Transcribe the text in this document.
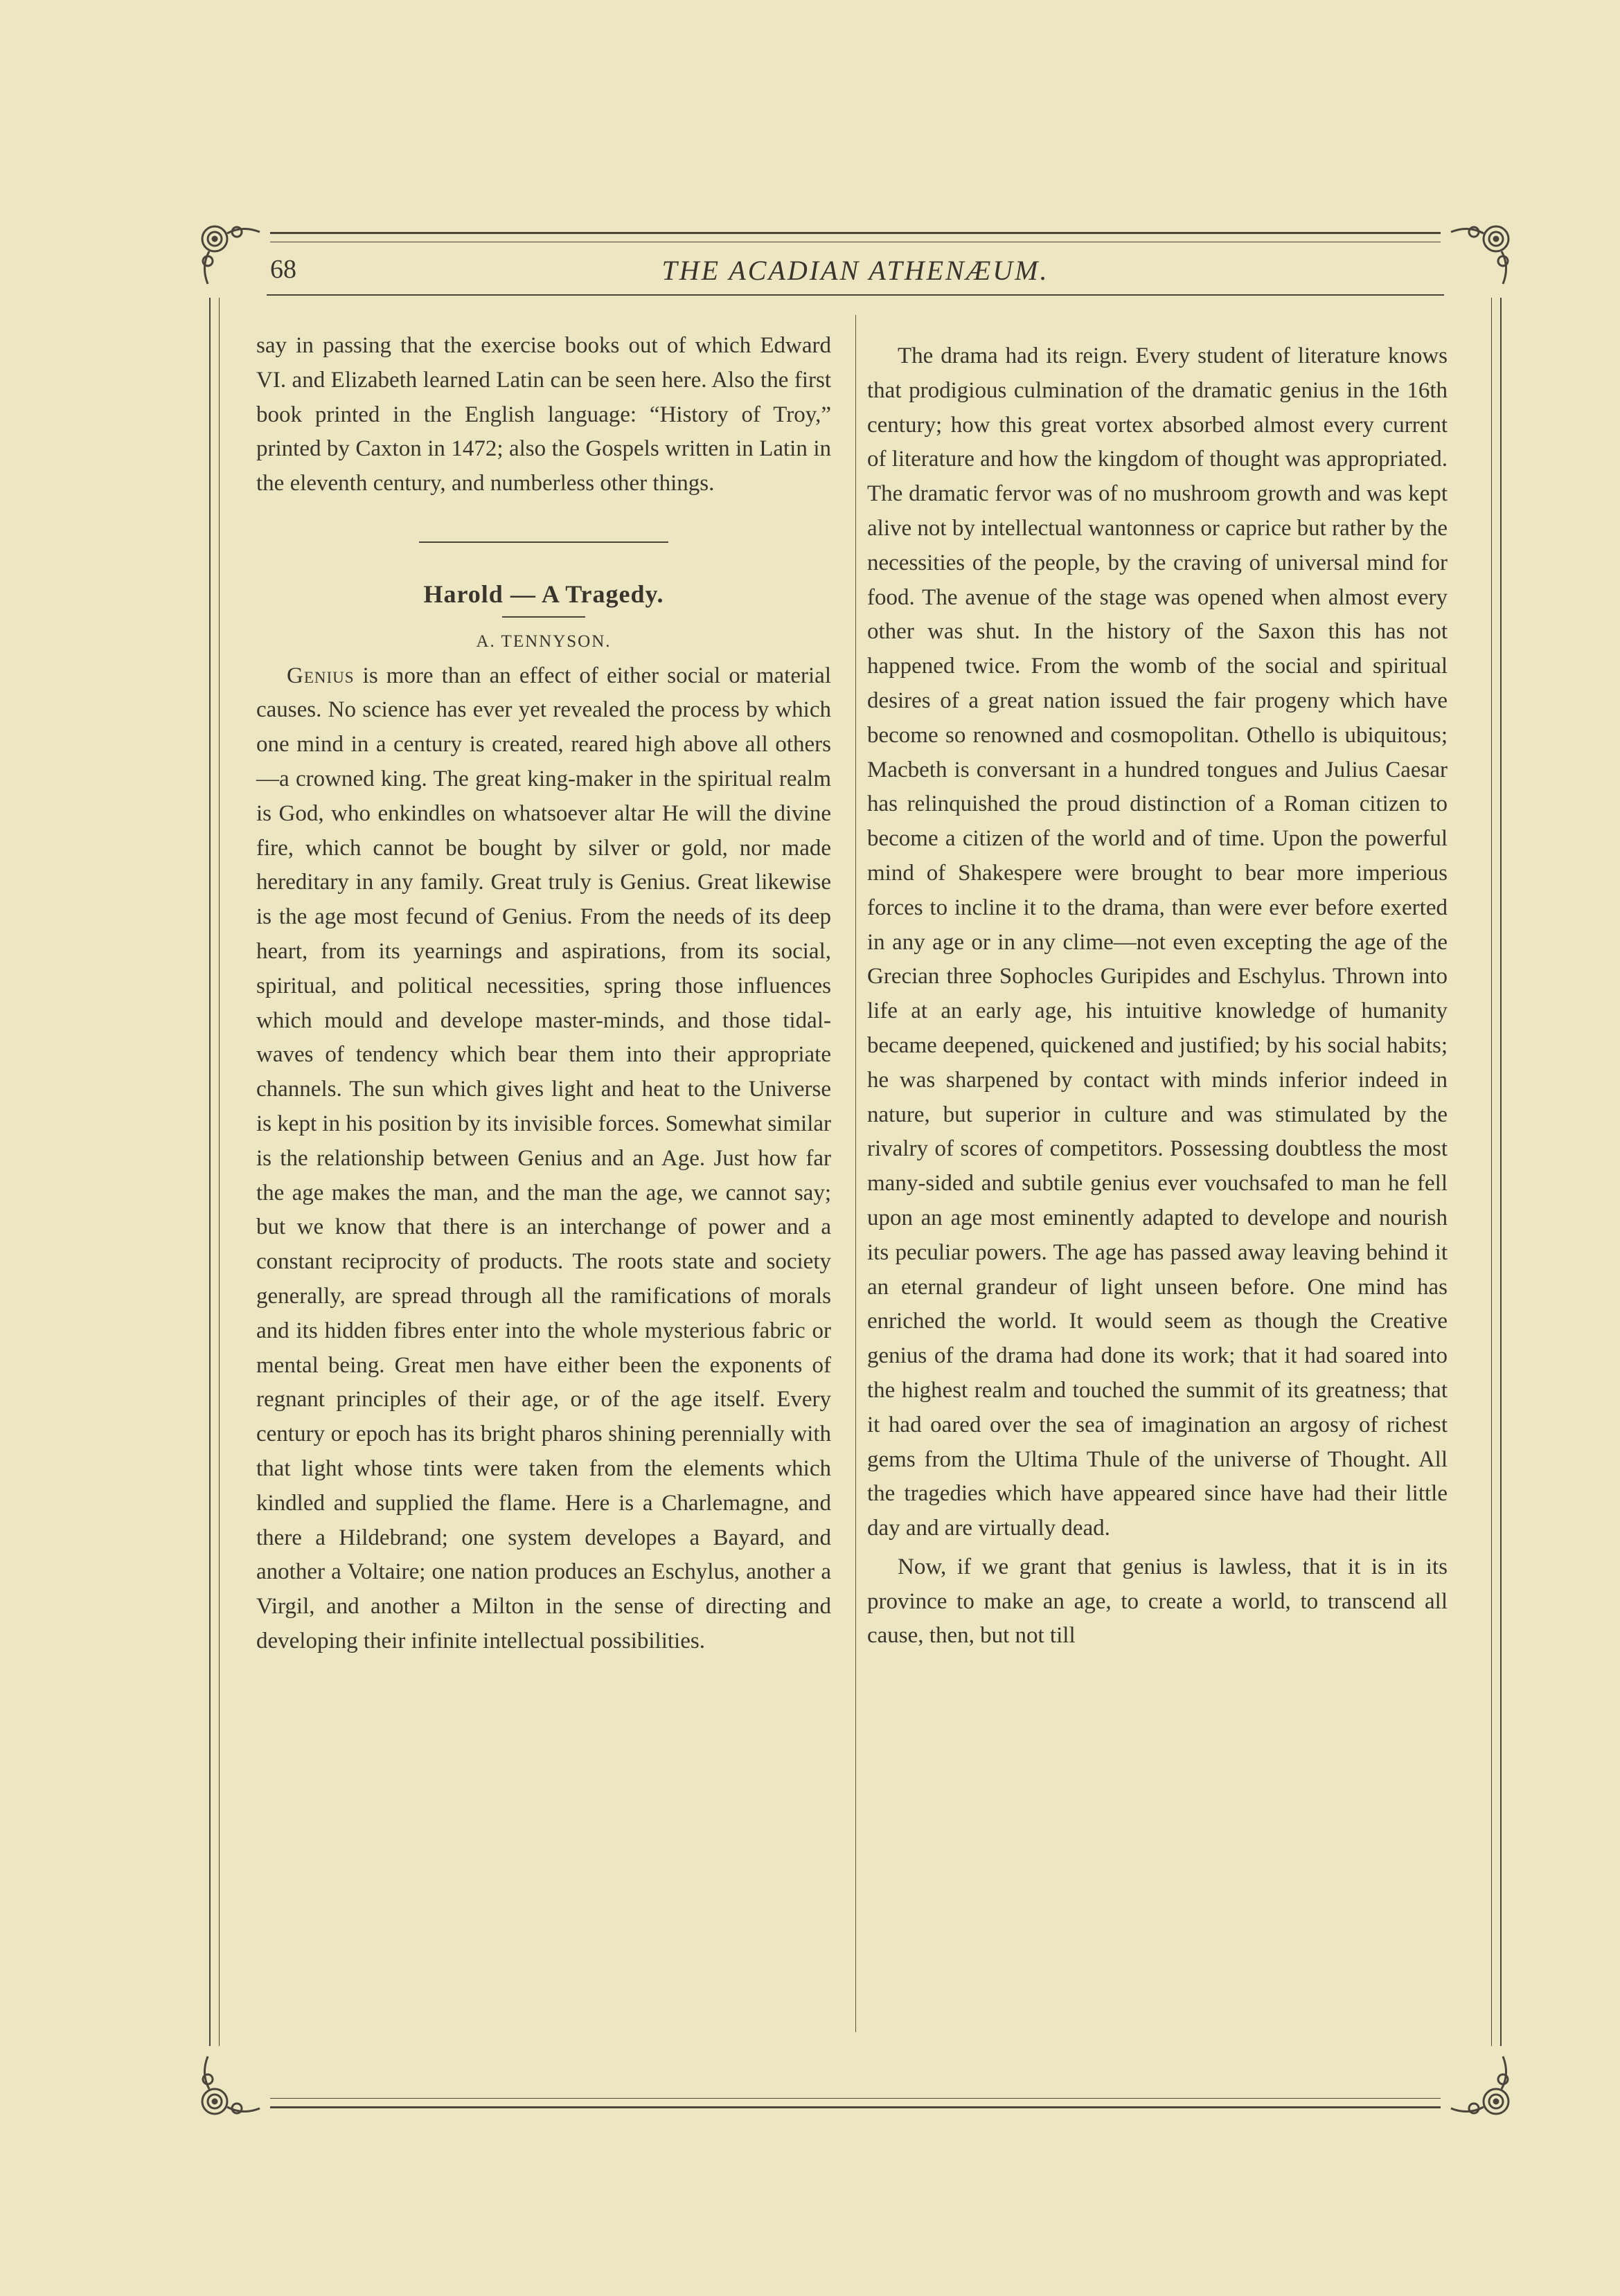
68	THE ACADIAN ATHENÆUM.

say in passing that the exercise books out of which Edward VI. and Elizabeth learned Latin can be seen here. Also the first book printed in the English language: “History of Troy,” printed by Caxton in 1472; also the Gospels written in Latin in the eleventh century, and numberless other things.

Harold — A Tragedy.

A. TENNYSON.

Genius is more than an effect of either social or material causes. No science has ever yet revealed the process by which one mind in a century is created, reared high above all others —a crowned king. The great king-maker in the spiritual realm is God, who enkindles on whatsoever altar He will the divine fire, which cannot be bought by silver or gold, nor made hereditary in any family. Great truly is Genius. Great likewise is the age most fecund of Genius. From the needs of its deep heart, from its yearnings and aspirations, from its social, spiritual, and political necessities, spring those influences which mould and develope master-minds, and those tidal-waves of tendency which bear them into their appropriate channels. The sun which gives light and heat to the Universe is kept in his position by its invisible forces. Somewhat similar is the relationship between Genius and an Age. Just how far the age makes the man, and the man the age, we cannot say; but we know that there is an interchange of power and a constant reciprocity of products. The roots state and society generally, are spread through all the ramifications of morals and its hidden fibres enter into the whole mysterious fabric or mental being. Great men have either been the exponents of regnant principles of their age, or of the age itself. Every century or epoch has its bright pharos shining perennially with that light whose tints were taken from the elements which kindled and supplied the flame. Here is a Charlemagne, and there a Hildebrand; one system developes a Bayard, and another a Voltaire; one nation produces an Eschylus, another a Virgil, and another a Milton in the sense of directing and developing their infinite intellectual possibilities.

The drama had its reign. Every student of literature knows that prodigious culmination of the dramatic genius in the 16th century; how this great vortex absorbed almost every current of literature and how the kingdom of thought was appropriated. The dramatic fervor was of no mushroom growth and was kept alive not by intellectual wantonness or caprice but rather by the necessities of the people, by the craving of universal mind for food. The avenue of the stage was opened when almost every other was shut. In the history of the Saxon this has not happened twice. From the womb of the social and spiritual desires of a great nation issued the fair progeny which have become so renowned and cosmopolitan. Othello is ubiquitous; Macbeth is conversant in a hundred tongues and Julius Caesar has relinquished the proud distinction of a Roman citizen to become a citizen of the world and of time. Upon the powerful mind of Shakespere were brought to bear more imperious forces to incline it to the drama, than were ever before exerted in any age or in any clime—not even excepting the age of the Grecian three Sophocles Guripides and Eschylus. Thrown into life at an early age, his intuitive knowledge of humanity became deepened, quickened and justified; by his social habits; he was sharpened by contact with minds inferior indeed in nature, but superior in culture and was stimulated by the rivalry of scores of competitors. Possessing doubtless the most many-sided and subtile genius ever vouchsafed to man he fell upon an age most eminently adapted to develope and nourish its peculiar powers. The age has passed away leaving behind it an eternal grandeur of light unseen before. One mind has enriched the world. It would seem as though the Creative genius of the drama had done its work; that it had soared into the highest realm and touched the summit of its greatness; that it had oared over the sea of imagination an argosy of richest gems from the Ultima Thule of the universe of Thought. All the tragedies which have appeared since have had their little day and are virtually dead.

Now, if we grant that genius is lawless, that it is in its province to make an age, to create a world, to transcend all cause, then, but not till
